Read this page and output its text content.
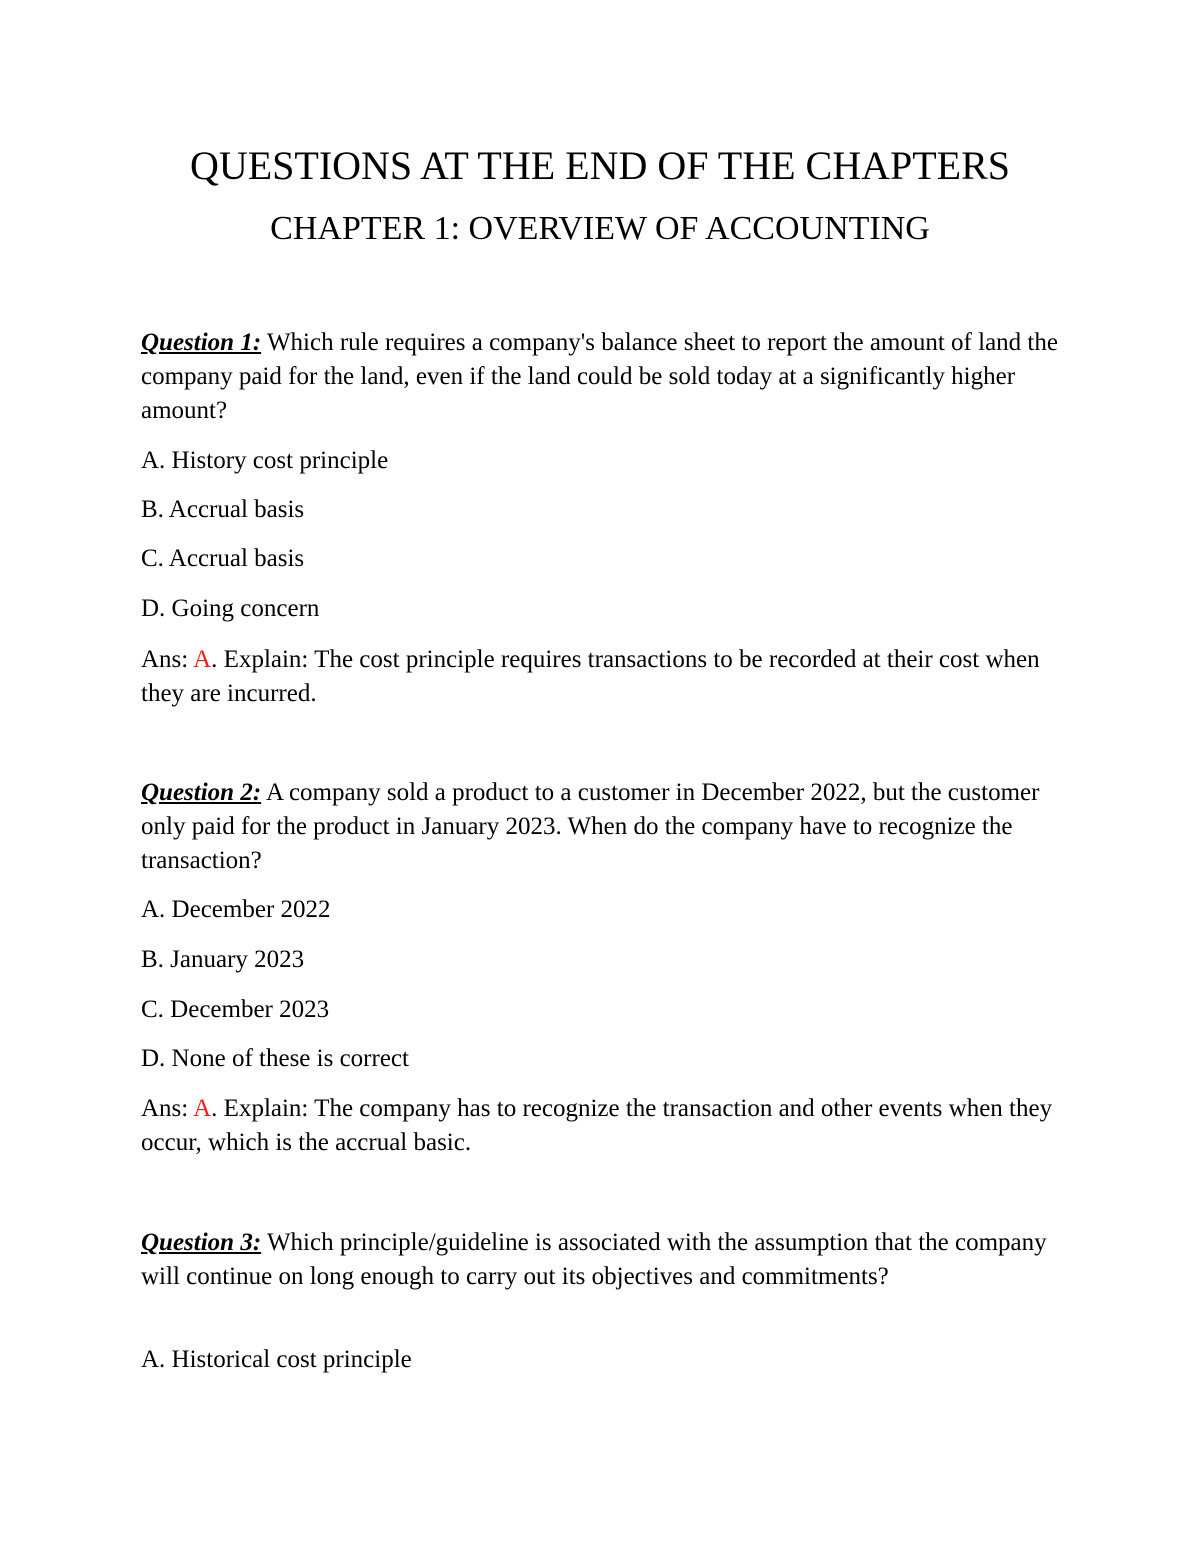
QUESTIONS AT THE END OF THE CHAPTERS
CHAPTER 1: OVERVIEW OF ACCOUNTING

Question 1: Which rule requires a company's balance sheet to report the amount of land the company paid for the land, even if the land could be sold today at a significantly higher amount?

A. History cost principle

B. Accrual basis

C. Accrual basis

D. Going concern

Ans: A. Explain: The cost principle requires transactions to be recorded at their cost when they are incurred.

Question 2: A company sold a product to a customer in December 2022, but the customer only paid for the product in January 2023. When do the company have to recognize the transaction?

A. December 2022

B. January 2023

C. December 2023

D. None of these is correct

Ans: A. Explain: The company has to recognize the transaction and other events when they occur, which is the accrual basic.

Question 3: Which principle/guideline is associated with the assumption that the company will continue on long enough to carry out its objectives and commitments?

A. Historical cost principle
